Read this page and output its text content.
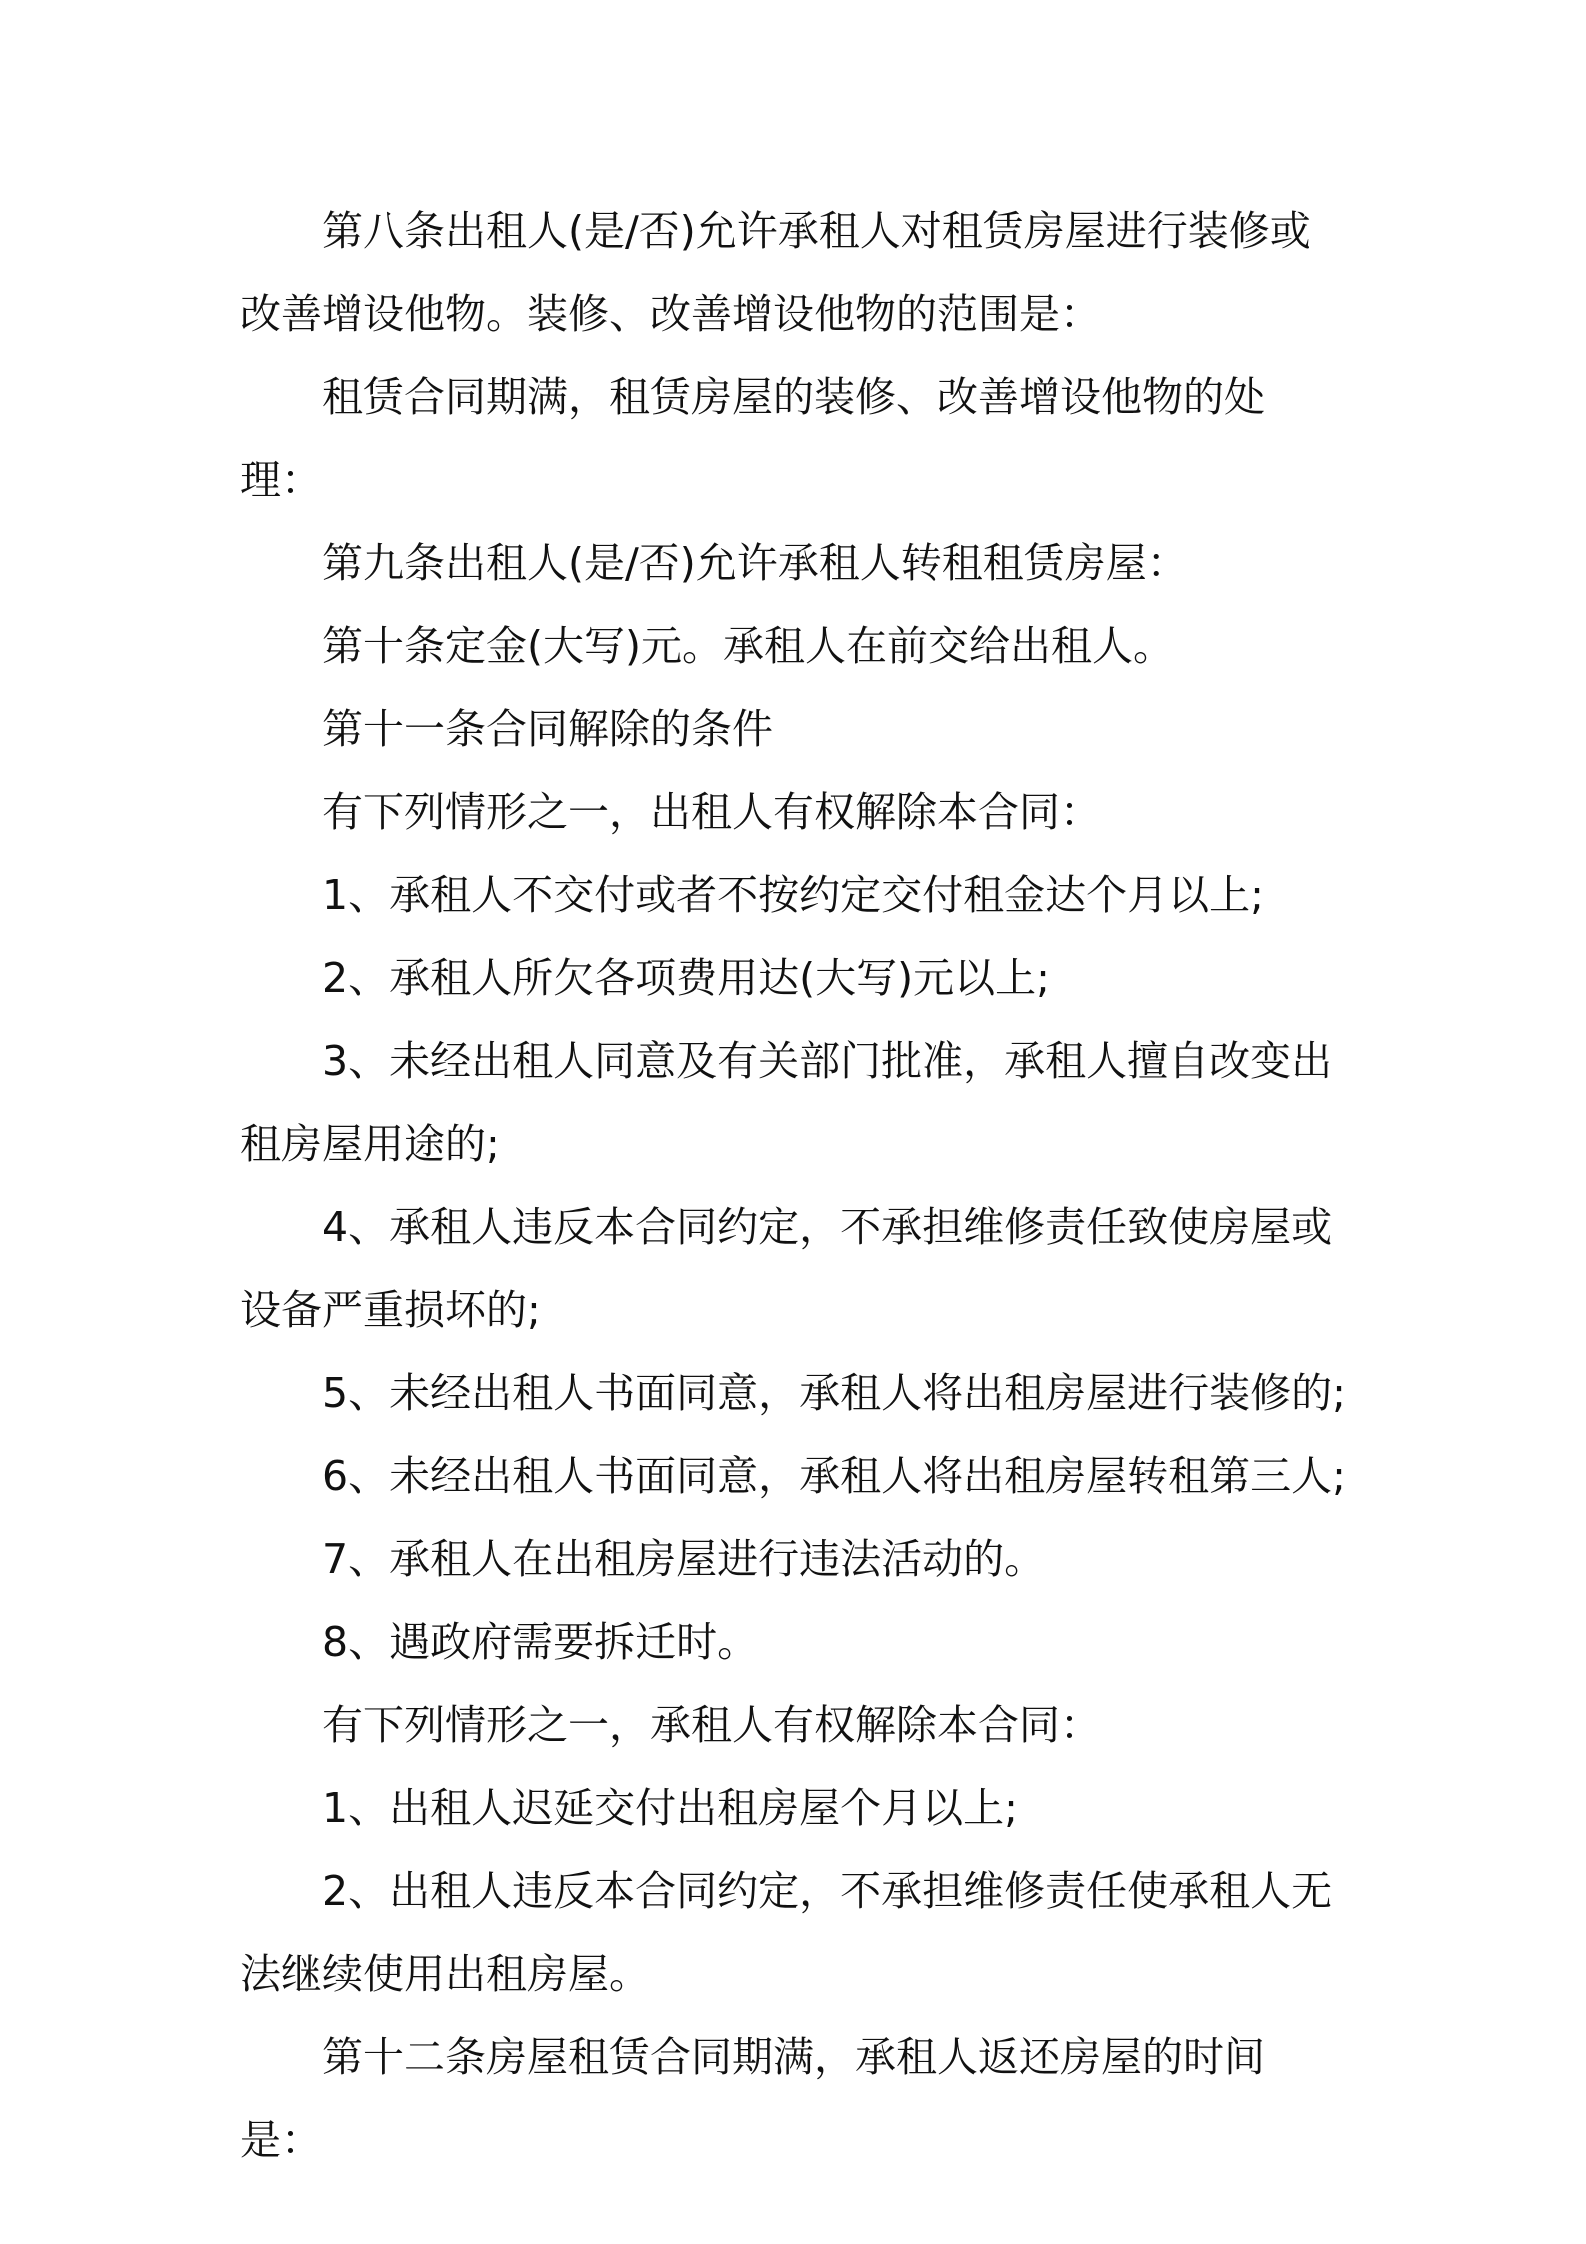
第八条出租人(是/否)允许承租人对租赁房屋进行装修或改善增设他物。装修、改善增设他物的范围是：

租赁合同期满，租赁房屋的装修、改善增设他物的处理：

第九条出租人(是/否)允许承租人转租租赁房屋：

第十条定金(大写)元。承租人在前交给出租人。

第十一条合同解除的条件

有下列情形之一，出租人有权解除本合同：

1、承租人不交付或者不按约定交付租金达个月以上;

2、承租人所欠各项费用达(大写)元以上;

3、未经出租人同意及有关部门批准，承租人擅自改变出租房屋用途的;

4、承租人违反本合同约定，不承担维修责任致使房屋或设备严重损坏的;

5、未经出租人书面同意，承租人将出租房屋进行装修的;

6、未经出租人书面同意，承租人将出租房屋转租第三人;

7、承租人在出租房屋进行违法活动的。

8、遇政府需要拆迁时。

有下列情形之一，承租人有权解除本合同：

1、出租人迟延交付出租房屋个月以上;

2、出租人违反本合同约定，不承担维修责任使承租人无法继续使用出租房屋。

第十二条房屋租赁合同期满，承租人返还房屋的时间是：
